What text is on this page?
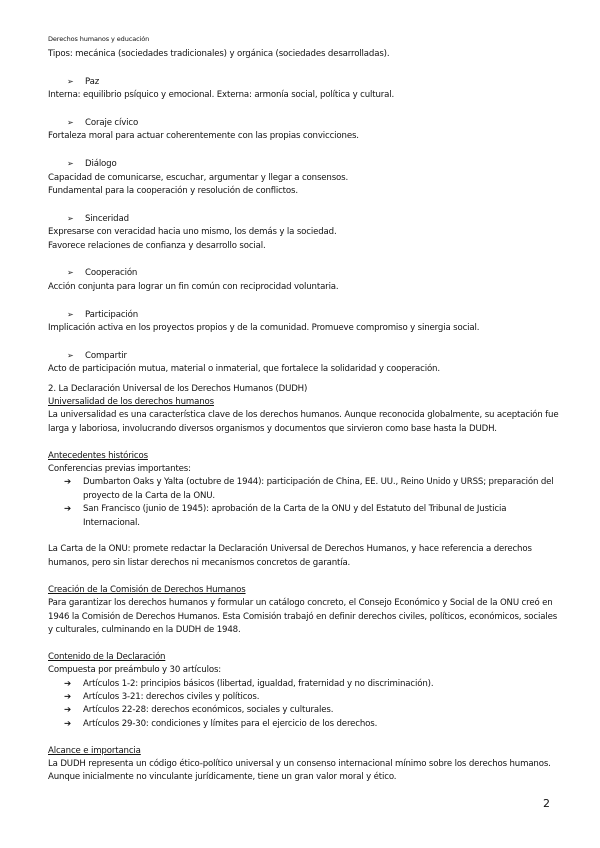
Derechos humanos y educación

Tipos: mecánica (sociedades tradicionales) y orgánica (sociedades desarrolladas).

➢ Paz

Interna: equilibrio psíquico y emocional. Externa: armonía social, política y cultural.

➢ Coraje cívico

Fortaleza moral para actuar coherentemente con las propias convicciones.

➢ Diálogo

Capacidad de comunicarse, escuchar, argumentar y llegar a consensos.

Fundamental para la cooperación y resolución de conflictos.

➢ Sinceridad

Expresarse con veracidad hacia uno mismo, los demás y la sociedad.

Favorece relaciones de confianza y desarrollo social.

➢ Cooperación

Acción conjunta para lograr un fin común con reciprocidad voluntaria.

➢ Participación

Implicación activa en los proyectos propios y de la comunidad. Promueve compromiso y sinergia social.

➢ Compartir

Acto de participación mutua, material o inmaterial, que fortalece la solidaridad y cooperación.

2. La Declaración Universal de los Derechos Humanos (DUDH)

Universalidad de los derechos humanos

La universalidad es una característica clave de los derechos humanos. Aunque reconocida globalmente, su aceptación fue larga y laboriosa, involucrando diversos organismos y documentos que sirvieron como base hasta la DUDH.

Antecedentes históricos

Conferencias previas importantes:

➔	Dumbarton Oaks y Yalta (octubre de 1944): participación de China, EE. UU., Reino Unido y URSS; preparación del proyecto de la Carta de la ONU.
➔	San Francisco (junio de 1945): aprobación de la Carta de la ONU y del Estatuto del Tribunal de Justicia Internacional.

La Carta de la ONU: promete redactar la Declaración Universal de Derechos Humanos, y hace referencia a derechos humanos, pero sin listar derechos ni mecanismos concretos de garantía.

Creación de la Comisión de Derechos Humanos

Para garantizar los derechos humanos y formular un catálogo concreto, el Consejo Económico y Social de la ONU creó en 1946 la Comisión de Derechos Humanos. Esta Comisión trabajó en definir derechos civiles, políticos, económicos, sociales y culturales, culminando en la DUDH de 1948.

Contenido de la Declaración

Compuesta por preámbulo y 30 artículos:

➔	Artículos 1-2: principios básicos (libertad, igualdad, fraternidad y no discriminación).
➔	Artículos 3-21: derechos civiles y políticos.
➔	Artículos 22-28: derechos económicos, sociales y culturales.
➔	Artículos 29-30: condiciones y límites para el ejercicio de los derechos.

Alcance e importancia

La DUDH representa un código ético-político universal y un consenso internacional mínimo sobre los derechos humanos. Aunque inicialmente no vinculante jurídicamente, tiene un gran valor moral y ético.

2
